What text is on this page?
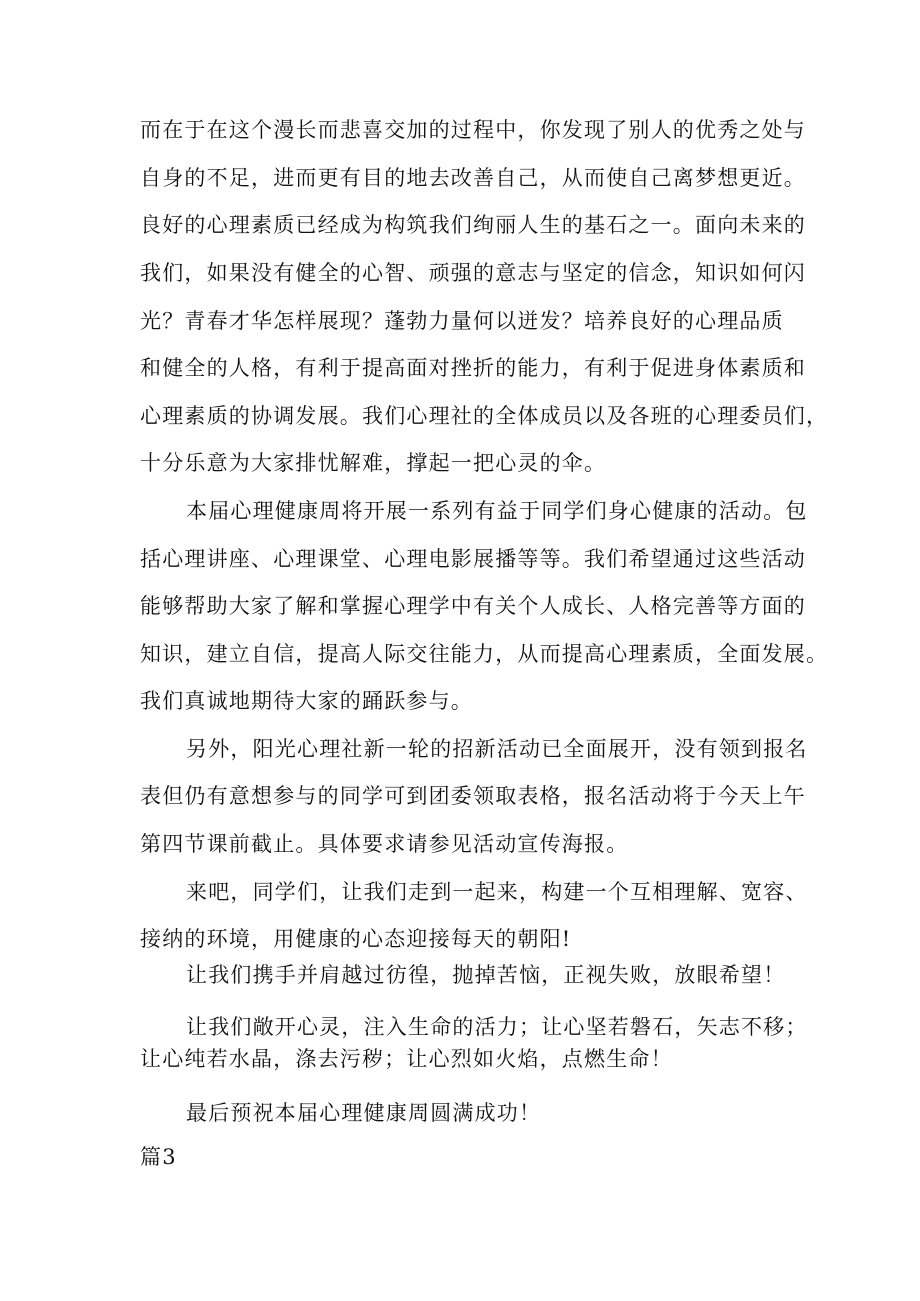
而在于在这个漫长而悲喜交加的过程中，你发现了别人的优秀之处与
自身的不足，进而更有目的地去改善自己，从而使自己离梦想更近。
良好的心理素质已经成为构筑我们绚丽人生的基石之一。面向未来的
我们，如果没有健全的心智、顽强的意志与坚定的信念，知识如何闪
光？青春才华怎样展现？蓬勃力量何以迸发？培养良好的心理品质
和健全的人格，有利于提高面对挫折的能力，有利于促进身体素质和
心理素质的协调发展。我们心理社的全体成员以及各班的心理委员们，
十分乐意为大家排忧解难，撑起一把心灵的伞。
本届心理健康周将开展一系列有益于同学们身心健康的活动。包
括心理讲座、心理课堂、心理电影展播等等。我们希望通过这些活动
能够帮助大家了解和掌握心理学中有关个人成长、人格完善等方面的
知识，建立自信，提高人际交往能力，从而提高心理素质，全面发展。
我们真诚地期待大家的踊跃参与。
另外，阳光心理社新一轮的招新活动已全面展开，没有领到报名
表但仍有意想参与的同学可到团委领取表格，报名活动将于今天上午
第四节课前截止。具体要求请参见活动宣传海报。
来吧，同学们，让我们走到一起来，构建一个互相理解、宽容、
接纳的环境，用健康的心态迎接每天的朝阳!
让我们携手并肩越过彷徨，抛掉苦恼，正视失败，放眼希望！
让我们敞开心灵，注入生命的活力；让心坚若磐石，矢志不移；
让心纯若水晶，涤去污秽；让心烈如火焰，点燃生命！
最后预祝本届心理健康周圆满成功！
篇3
